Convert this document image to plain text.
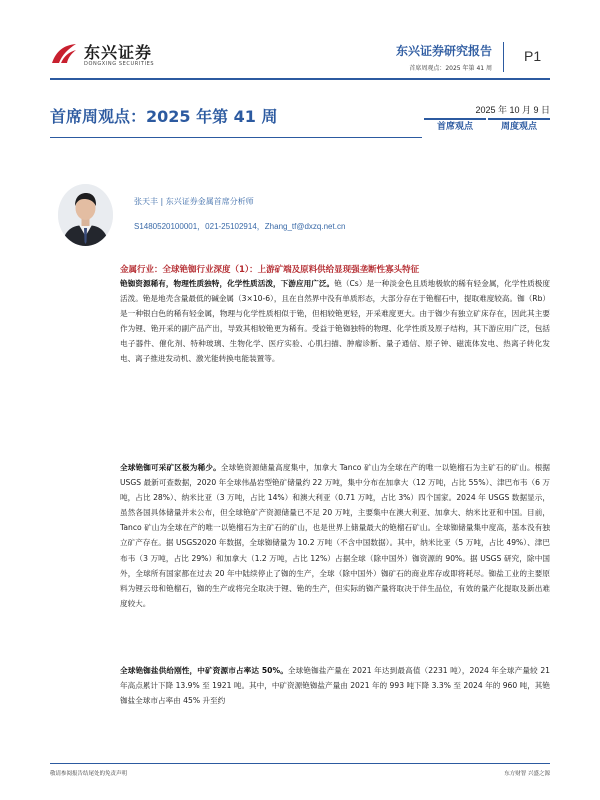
东兴证券
DONGXING SECURITIES
东兴证券研究报告
首席周观点：2025 年第 41 周
P1
首席周观点：2025 年第 41 周	2025 年 10 月 9 日
首席观点	周度观点
张天丰 | 东兴证券金属首席分析师
S1480520100001，021-25102914，Zhang_tf@dxzq.net.cn
金属行业：全球铯铷行业深度（1）：上游矿端及原料供给显现强垄断性寡头特征
铯铷资源稀有，物理性质独特，化学性质活泼，下游应用广泛。铯（Cs）是一种淡金色且质地极软的稀有轻金属，化学性质极度活泼。铯是地壳含量最低的碱金属（3×10-6），且在自然界中没有单质形态，大部分存在于铯榴石中，提取难度较高。铷（Rb）是一种银白色的稀有轻金属，物理与化学性质相似于铯，但相较铯更轻，开采难度更大。由于铷少有独立矿床存在，因此其主要作为锂、铯开采的副产品产出，导致其相较铯更为稀有。受益于铯铷独特的物理、化学性质及原子结构，其下游应用广泛，包括电子器件、催化剂、特种玻璃、生物化学、医疗实验、心肌扫描、肿瘤诊断、量子通信、原子钟、磁流体发电、热离子转化发电、离子推进发动机、激光能转换电能装置等。
全球铯铷可采矿区极为稀少。全球铯资源储量高度集中，加拿大 Tanco 矿山为全球在产的唯一以铯榴石为主矿石的矿山。根据 USGS 最新可查数据，2020 年全球伟晶岩型铯矿储量约 22 万吨，集中分布在加拿大（12 万吨，占比 55%）、津巴布韦（6 万吨，占比 28%）、纳米比亚（3 万吨，占比 14%）和澳大利亚（0.71 万吨，占比 3%）四个国家。2024 年 USGS 数据显示，虽然各国具体储量并未公布，但全球铯矿产资源储量已不足 20 万吨，主要集中在澳大利亚、加拿大、纳米比亚和中国。目前，Tanco 矿山为全球在产的唯一以铯榴石为主矿石的矿山，也是世界上储量最大的铯榴石矿山。全球铷储量集中度高，基本没有独立矿产存在。据 USGS2020 年数据，全球铷储量为 10.2 万吨（不含中国数据）。其中，纳米比亚（5 万吨，占比 49%）、津巴布韦（3 万吨，占比 29%）和加拿大（1.2 万吨，占比 12%）占据全球（除中国外）铷资源的 90%。据 USGS 研究，除中国外，全球所有国家都在过去 20 年中陆续停止了铷的生产，全球（除中国外）铷矿石的商业库存或即将耗尽。铷盐工业的主要原料为锂云母和铯榴石，铷的生产或将完全取决于锂、铯的生产，但实际的铷产量将取决于伴生品位，有效的量产化提取及新出难度较大。
全球铯铷盐供给刚性，中矿资源市占率达 50%。全球铯铷盐产量在 2021 年达到最高值（2231 吨），2024 年全球产量较 21 年高点累计下降 13.9% 至 1921 吨。其中，中矿资源铯铷盐产量由 2021 年的 993 吨下降 3.3% 至 2024 年的 960 吨，其铯铷盐全球市占率由 45% 升至约
敬请参阅报告结尾处的免责声明	东方财智 兴盛之源
